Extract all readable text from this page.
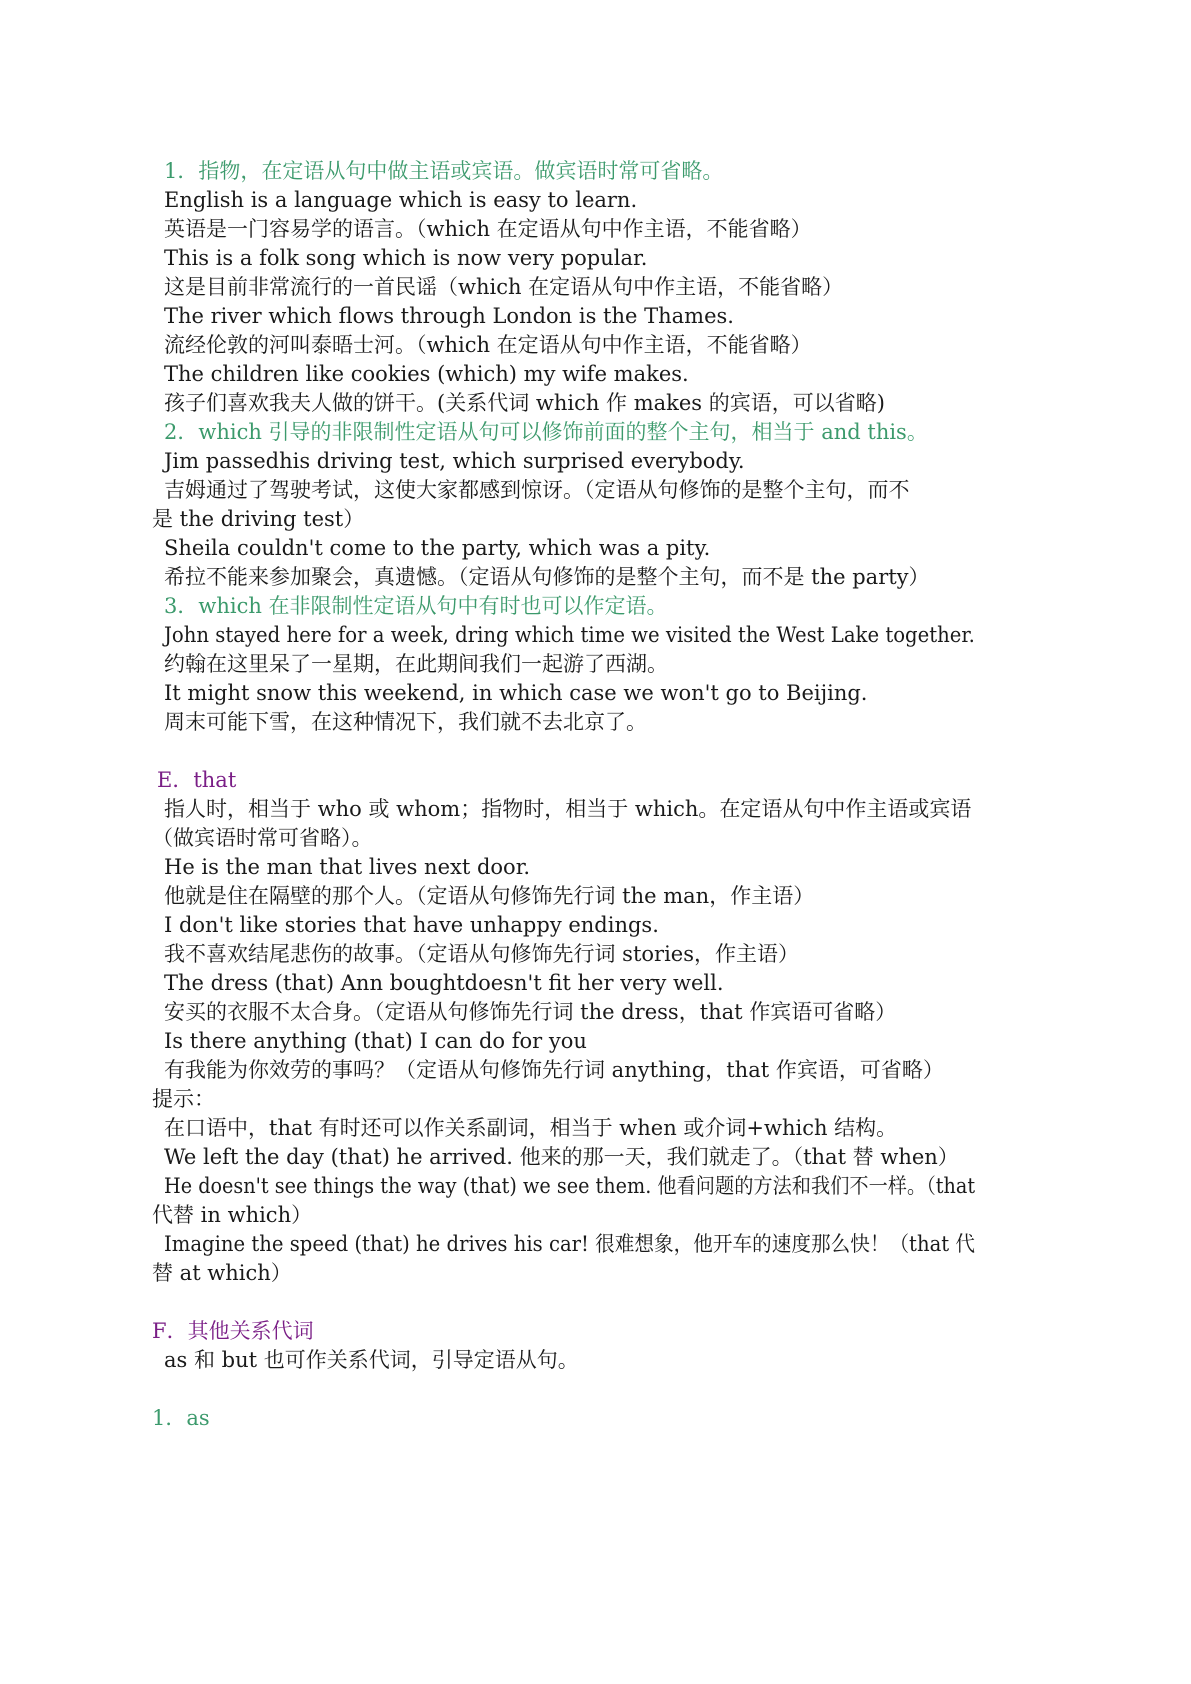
1．指物，在定语从句中做主语或宾语。做宾语时常可省略。

English is a language which is easy to learn.

英语是一门容易学的语言。（which 在定语从句中作主语，不能省略）

This is a folk song which is now very popular.

这是目前非常流行的一首民谣（which 在定语从句中作主语，不能省略）

The river which flows through London is the Thames.

流经伦敦的河叫泰晤士河。（which 在定语从句中作主语，不能省略）

The children like cookies (which) my wife makes.

孩子们喜欢我夫人做的饼干。(关系代词 which 作 makes 的宾语，可以省略)

2．which 引导的非限制性定语从句可以修饰前面的整个主句，相当于 and this。

Jim passedhis driving test, which surprised everybody.

吉姆通过了驾驶考试，这使大家都感到惊讶。（定语从句修饰的是整个主句，而不

是 the driving test）

Sheila couldn't come to the party, which was a pity.

希拉不能来参加聚会，真遗憾。（定语从句修饰的是整个主句，而不是 the party）

3．which 在非限制性定语从句中有时也可以作定语。

John stayed here for a week, dring which time we visited the West Lake together.

约翰在这里呆了一星期，在此期间我们一起游了西湖。

It might snow this weekend, in which case we won't go to Beijing.

周末可能下雪，在这种情况下，我们就不去北京了。

E．that

指人时，相当于 who 或 whom；指物时，相当于 which。在定语从句中作主语或宾语

（做宾语时常可省略）。

He is the man that lives next door.

他就是住在隔壁的那个人。（定语从句修饰先行词 the man，作主语）

I don't like stories that have unhappy endings.

我不喜欢结尾悲伤的故事。（定语从句修饰先行词 stories，作主语）

The dress (that) Ann boughtdoesn't fit her very well.

安买的衣服不太合身。（定语从句修饰先行词 the dress，that 作宾语可省略）

Is there anything (that) I can do for you

有我能为你效劳的事吗？（定语从句修饰先行词 anything，that 作宾语，可省略）

提示：

在口语中，that 有时还可以作关系副词，相当于 when 或介词+which 结构。

We left the day (that) he arrived. 他来的那一天，我们就走了。（that 替 when）

He doesn't see things the way (that) we see them. 他看问题的方法和我们不一样。（that

代替 in which）

Imagine the speed (that) he drives his car! 很难想象，他开车的速度那么快！（that 代

替 at which）

F．其他关系代词

as 和 but 也可作关系代词，引导定语从句。

1．as
